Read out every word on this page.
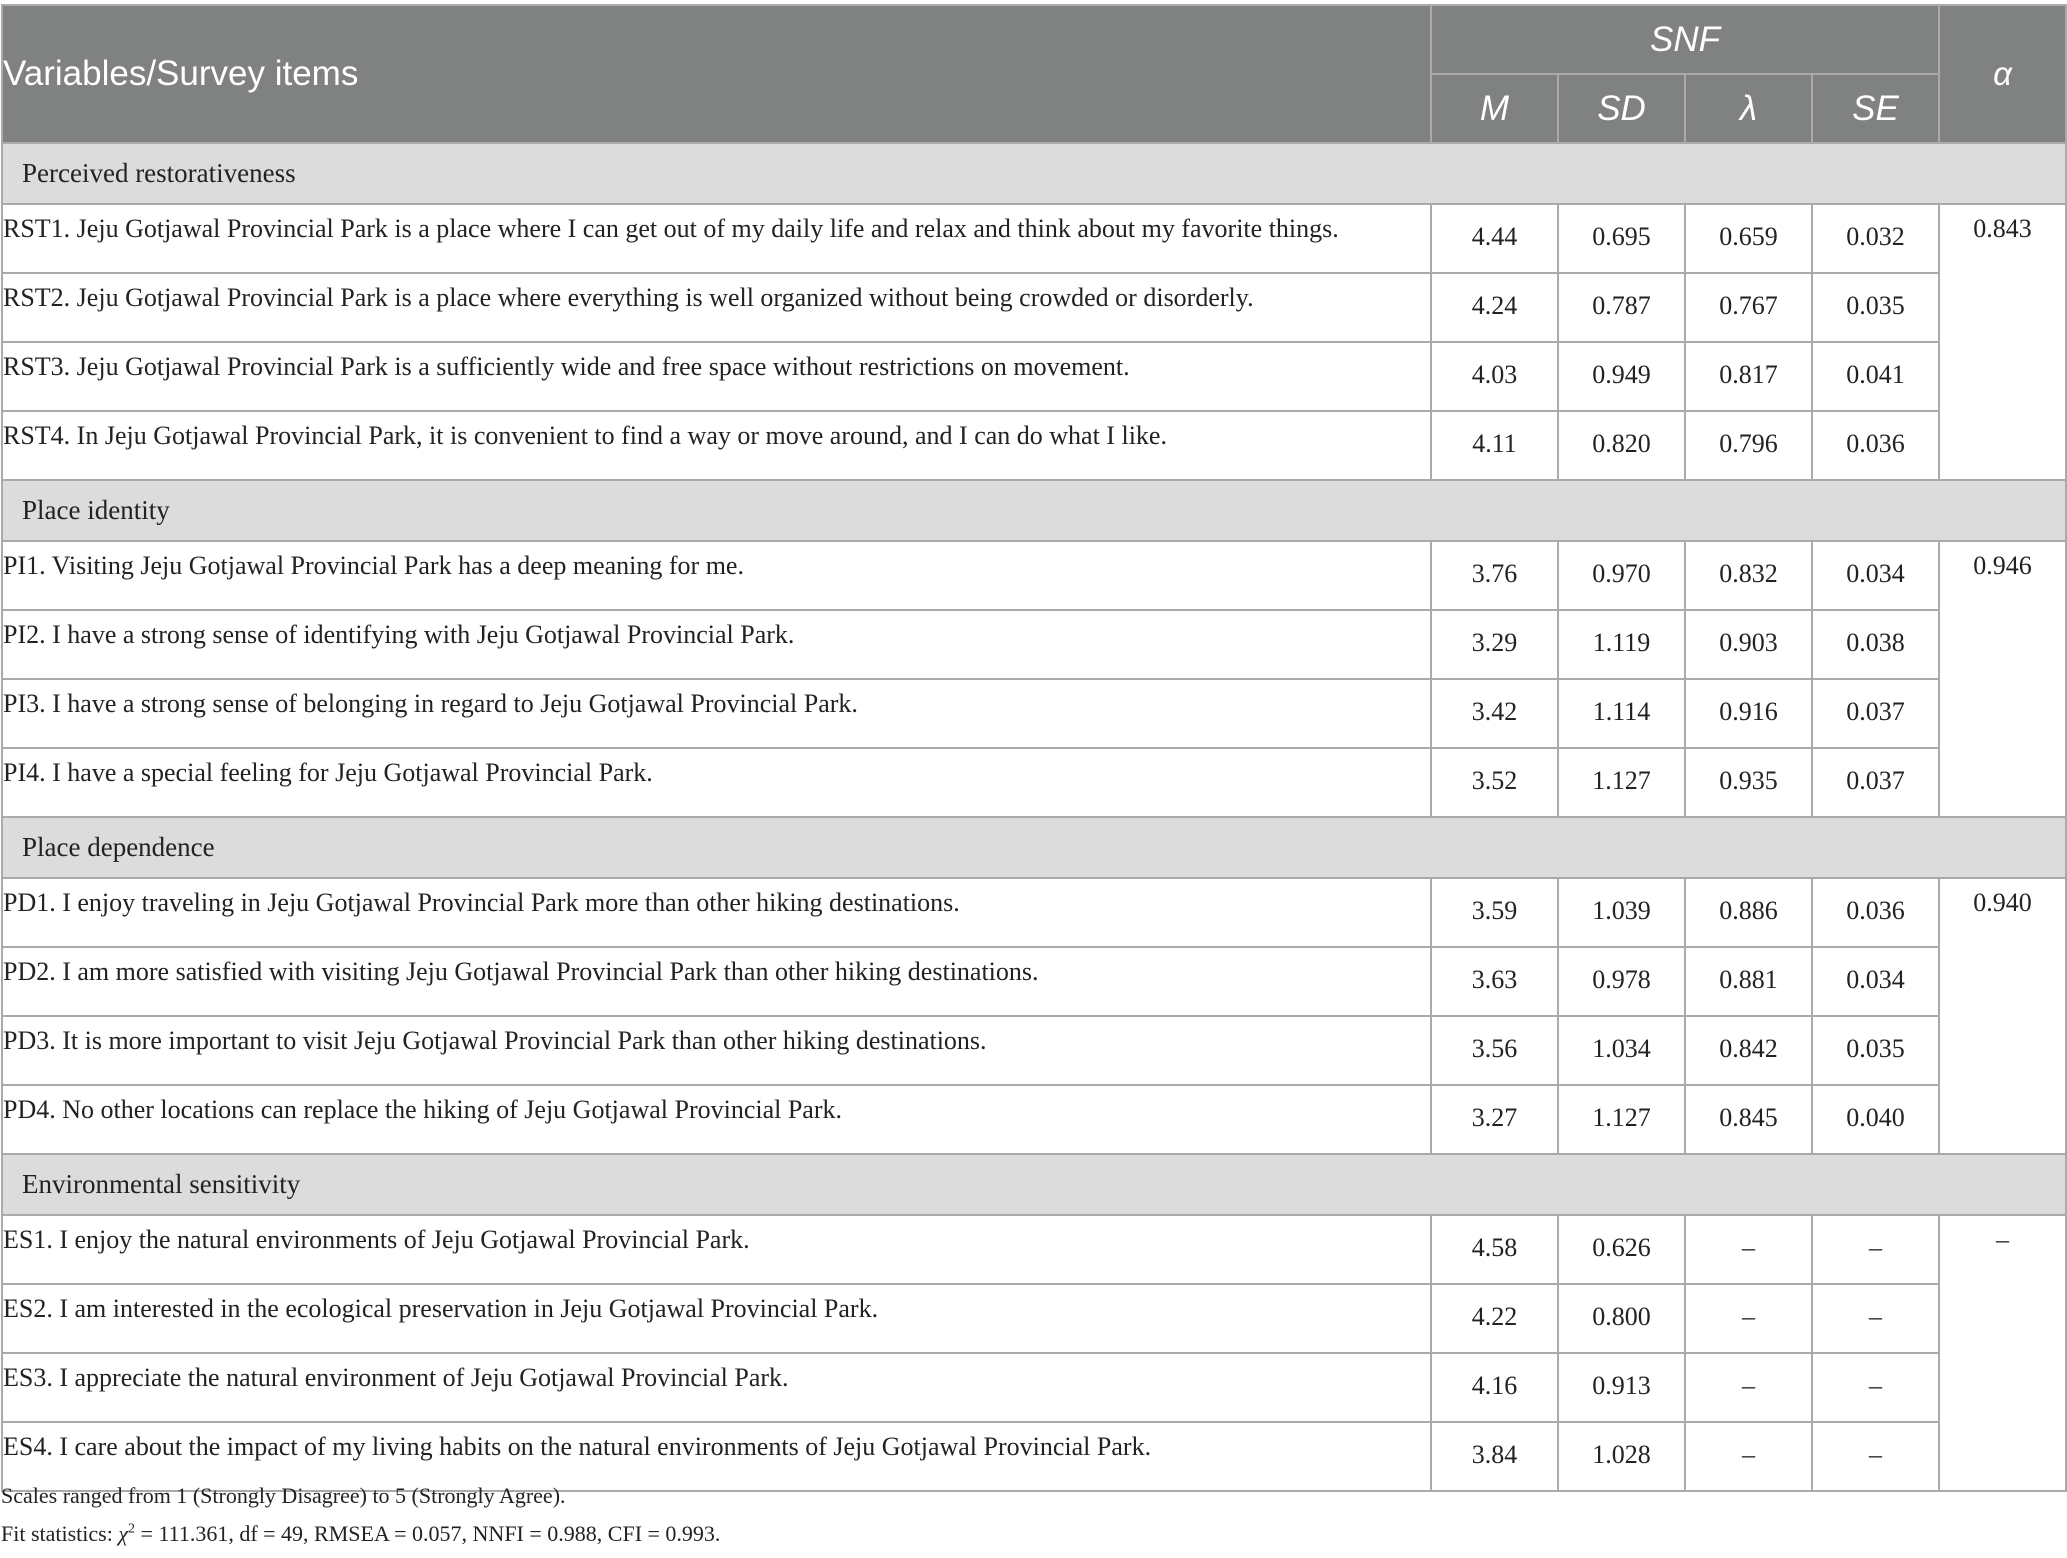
Variables/Survey items	SNF				α
	M	SD	λ	SE	
Perceived restorativeness					
RST1. Jeju Gotjawal Provincial Park is a place where I can get out of my daily life and relax and think about my favorite things.	4.44	0.695	0.659	0.032	0.843
RST2. Jeju Gotjawal Provincial Park is a place where everything is well organized without being crowded or disorderly.	4.24	0.787	0.767	0.035	
RST3. Jeju Gotjawal Provincial Park is a sufficiently wide and free space without restrictions on movement.	4.03	0.949	0.817	0.041	
RST4. In Jeju Gotjawal Provincial Park, it is convenient to find a way or move around, and I can do what I like.	4.11	0.820	0.796	0.036	
Place identity					
PI1. Visiting Jeju Gotjawal Provincial Park has a deep meaning for me.	3.76	0.970	0.832	0.034	0.946
PI2. I have a strong sense of identifying with Jeju Gotjawal Provincial Park.	3.29	1.119	0.903	0.038	
PI3. I have a strong sense of belonging in regard to Jeju Gotjawal Provincial Park.	3.42	1.114	0.916	0.037	
PI4. I have a special feeling for Jeju Gotjawal Provincial Park.	3.52	1.127	0.935	0.037	
Place dependence					
PD1. I enjoy traveling in Jeju Gotjawal Provincial Park more than other hiking destinations.	3.59	1.039	0.886	0.036	0.940
PD2. I am more satisfied with visiting Jeju Gotjawal Provincial Park than other hiking destinations.	3.63	0.978	0.881	0.034	
PD3. It is more important to visit Jeju Gotjawal Provincial Park than other hiking destinations.	3.56	1.034	0.842	0.035	
PD4. No other locations can replace the hiking of Jeju Gotjawal Provincial Park.	3.27	1.127	0.845	0.040	
Environmental sensitivity					
ES1. I enjoy the natural environments of Jeju Gotjawal Provincial Park.	4.58	0.626	–	–	–
ES2. I am interested in the ecological preservation in Jeju Gotjawal Provincial Park.	4.22	0.800	–	–	
ES3. I appreciate the natural environment of Jeju Gotjawal Provincial Park.	4.16	0.913	–	–	
ES4. I care about the impact of my living habits on the natural environments of Jeju Gotjawal Provincial Park.	3.84	1.028	–	–	
Scales ranged from 1 (Strongly Disagree) to 5 (Strongly Agree).
Fit statistics: $\chi^2 = 111.361$, df = 49, RMSEA = 0.057, NNFI = 0.988, CFI = 0.993.
